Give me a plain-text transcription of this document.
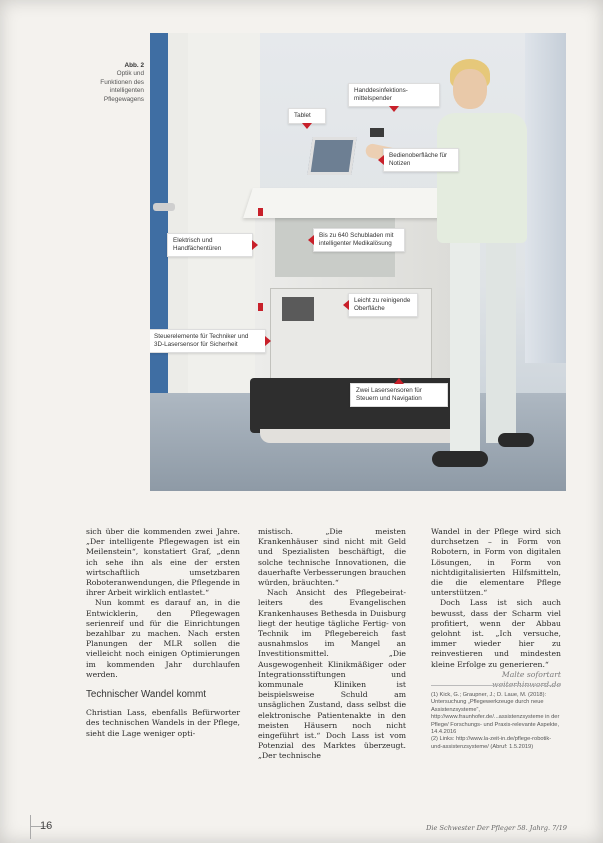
Abb. 2
Optik und
Funktionen des
intelligenten
Pflegewagens
Handdesinfektions-mittelspender
Tablet
Bedienoberfläche für Notizen
Elektrisch und Handfächentüren
Bis zu 640 Schubladen mit intelligenter Medikalösung
Leicht zu reinigende Oberfläche
Steuerelemente für Techniker und 3D-Lasersensor für Sicherheit
Zwei Lasersensoren für Steuern und Navigation

sich über die kommenden zwei Jahre. „Der intelligente Pflegewagen ist ein Meilenstein“, konstatiert Graf, „denn ich sehe ihn als eine der ersten wirtschaftlich umsetzbaren Roboteranwendungen, die Pflegende in ihrer Arbeit wirklich entlastet.“

Nun kommt es darauf an, in die Entwicklerin, den Pflegewagen serienreif und für die Einrichtungen bezahlbar zu machen. Nach ersten Planungen der MLR sollen die vielleicht noch einigen Optimierungen im kommenden Jahr durchlaufen werden.

Technischer Wandel kommt

Christian Lass, ebenfalls Befürworter des technischen Wandels in der Pflege, sieht die Lage weniger opti-

mistisch. „Die meisten Krankenhäuser sind nicht mit Geld und Spezialisten beschäftigt, die solche technische Innovationen, die dauerhafte Verbesserungen brauchen würden, bräuchten.“

Nach Ansicht des Pflegebeirat-leiters des Evangelischen Krankenhauses Bethesda in Duisburg liegt der heutige tägliche Fertig- von Technik im Pflegebereich fast ausnahmslos im Mangel an Investitionsmittel. „Die Ausgewogenheit Klinikmäßiger oder Integrationsstiftungen und kommunale Kliniken ist beispielsweise Schuld am unsäglichen Zustand, dass selbst die elektronische Patientenakte in den meisten Häusern noch nicht eingeführt ist.“ Doch Lass ist vom Potenzial des Marktes überzeugt. „Der technische

Wandel in der Pflege wird sich durchsetzen – in Form von Robotern, in Form von digitalen Lösungen, in Form von nichtdigitalisierten Hilfsmitteln, die die elementare Pflege unterstützen.“

Doch Lass ist sich auch bewusst, dass der Scharm viel profitiert, wenn der Abbau gelohnt ist. „Ich versuche, immer wieder hier zu reinvestieren und mindesten kleine Erfolge zu generieren.“

Malte sofortart weiterhinword.de

(1) Kick, G.; Graupner, J.; D. Laue, M. (2018): Untersuchung „Pflegewerkzeuge durch neue Assistenzsysteme“, http://www.fraunhofer.de/...assistenzsysteme in der Pflege/ Forschungs- und Praxis-relevante Aspekte, 14.4.2016

(2) Links: http://www.la-zeit-in.de/pflege-robotik-und-assistenzsysteme/ (Abruf: 1.5.2019)

16	Die Schwester Der Pfleger 58. Jahrg. 7/19
